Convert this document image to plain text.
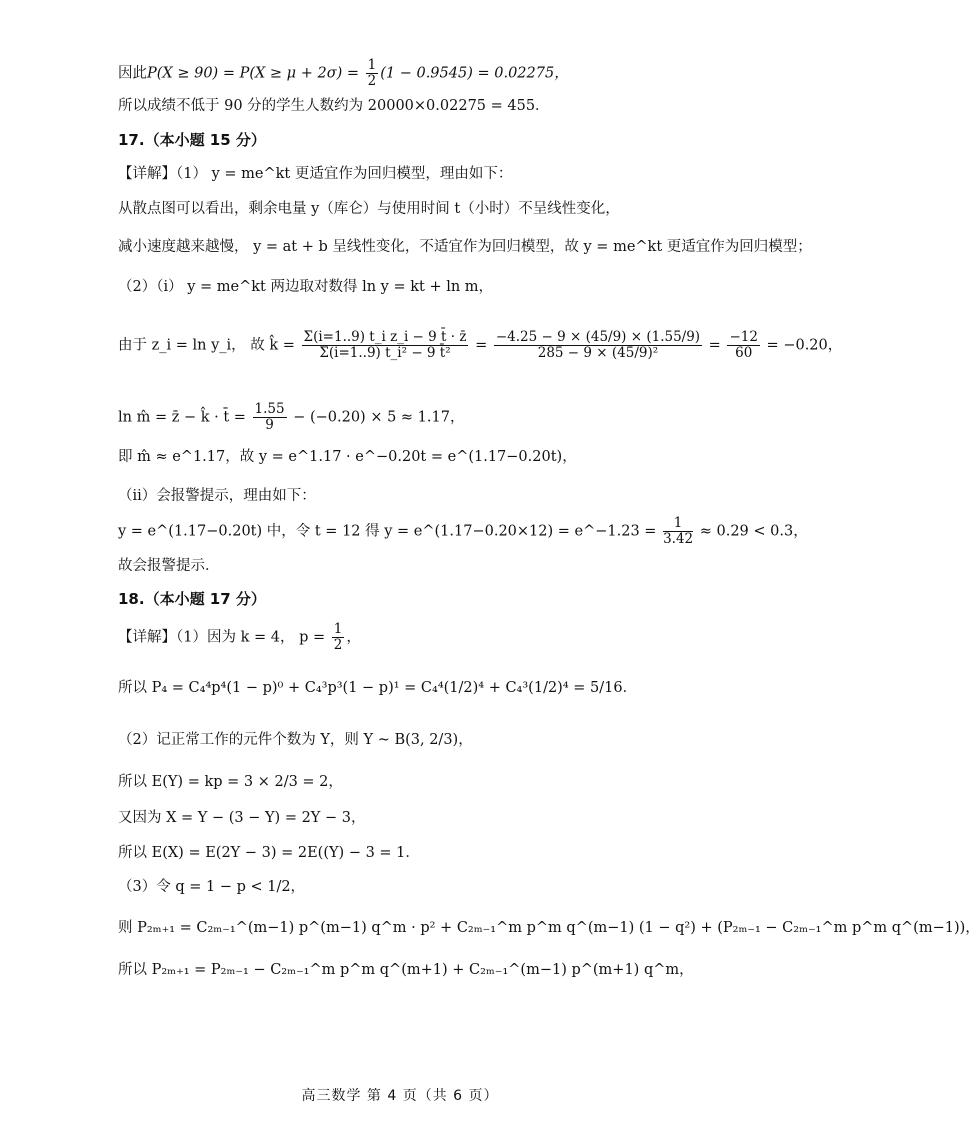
因此$P(X \ge 90) = P(X \ge \mu + 2\sigma) = \frac{1}{2} (1 - 0.9545) = 0.02275$，
所以成绩不低于 90 分的学生人数约为 20000×0.02275 = 455．
17.（本小题 15 分）
【详解】（1） y = me^kt 更适宜作为回归模型，理由如下：
从散点图可以看出，剩余电量 y（库仑）与使用时间 t（小时）不呈线性变化，
减小速度越来越慢， y = at + b 呈线性变化，不适宜作为回归模型，故 y = me^kt 更适宜作为回归模型；
（2）（i） y = me^kt 两边取对数得 ln y = kt + ln m，
由于 z_i = ln y_i， 故 k̂ = $\frac{\text{Σ(i=1..9) t\_i z\_i − 9 t̄ · z̄}}{\text{Σ(i=1..9) t\_i² − 9 t̄²}} = \frac{-4.25 - 9 \times (45/9) \times (1.55/9)}{\text{285 − 9 × (45/9)²}} = \frac{-12}{60} = -0.20$，
ln m̂ = z̄ − k̂ · t̄ = $\frac{1.55}{9} - (-0.20) \times 5 \approx 1.17$，
即 m̂ ≈ e^1.17，故 y = e^1.17 · e^−0.20t = e^(1.17−0.20t)，
（ii）会报警提示，理由如下：
y = e^(1.17−0.20t) 中，令 t = 12 得 y = e^(1.17−0.20×12) = e^−1.23 = $\frac{1}{3.42} \approx 0.29 < 0.3$，
故会报警提示．
18.（本小题 17 分）
【详解】（1）因为 k = 4， $p = \frac{1}{2}$ ，
所以 P₄ = C₄⁴p⁴(1 − p)⁰ + C₄³p³(1 − p)¹ = C₄⁴(1/2)⁴ + C₄³(1/2)⁴ = 5/16．
（2）记正常工作的元件个数为 Y，则 Y ~ B(3, 2/3)，
所以 E(Y) = kp = 3 × 2/3 = 2，
又因为 X = Y − (3 − Y) = 2Y − 3，
所以 E(X) = E(2Y − 3) = 2E((Y) − 3 = 1．
（3）令 q = 1 − p < 1/2，
则 P₂ₘ₊₁ = C₂ₘ₋₁^(m−1) p^(m−1) q^m · p² + C₂ₘ₋₁^m p^m q^(m−1) (1 − q²) + (P₂ₘ₋₁ − C₂ₘ₋₁^m p^m q^(m−1))，
所以 P₂ₘ₊₁ = P₂ₘ₋₁ − C₂ₘ₋₁^m p^m q^(m+1) + C₂ₘ₋₁^(m−1) p^(m+1) q^m，
高三数学 第 4 页（共 6 页）
